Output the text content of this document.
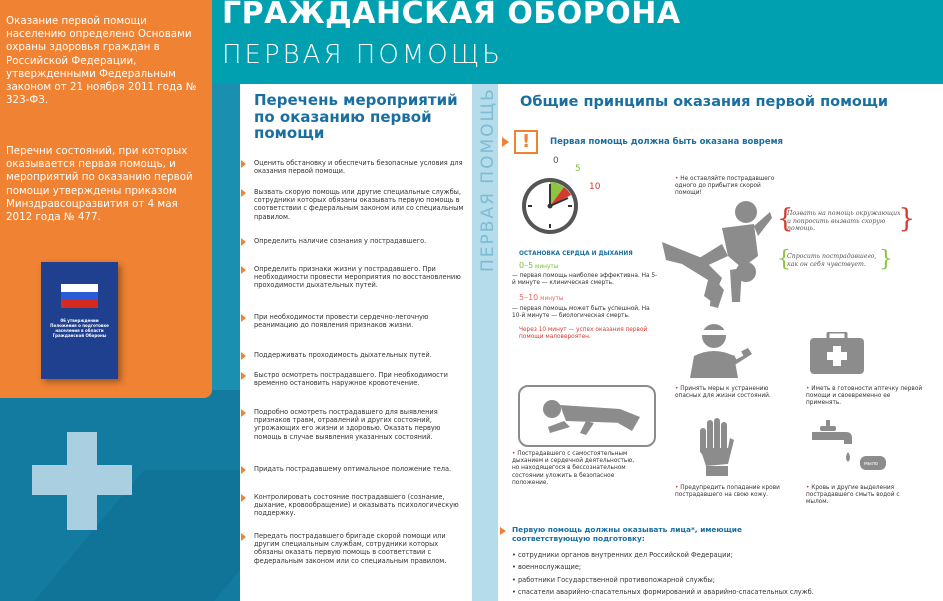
ГРАЖДАНСКАЯ ОБОРОНА
ПЕРВАЯ ПОМОЩЬ

Оказание первой помощи населению определено Основами охраны здоровья граждан в Российской Федерации, утвержденными Федеральным законом от 21 ноября 2011 года № 323-ФЗ.

Перечни состояний, при которых оказывается первая помощь, и мероприятий по оказанию первой помощи утверждены приказом Минздравсоцразвития от 4 мая 2012 года № 477.

06 утверждении Положения о подготовке населения в области Гражданской Обороны
Перечень мероприятий по оказанию первой помощи
Оценить обстановку и обеспечить безопасные условия для оказания первой помощи.
Вызвать скорую помощь или другие специальные службы, сотрудники которых обязаны оказывать первую помощь в соответствии с федеральным законом или со специальным правилом.
Определить наличие сознания у пострадавшего.
Определить признаки жизни у пострадавшего. При необходимости провести мероприятия по восстановлению проходимости дыхательных путей.
При необходимости провести сердечно-легочную реанимацию до появления признаков жизни.
Поддерживать проходимость дыхательных путей.
Быстро осмотреть пострадавшего. При необходимости временно остановить наружное кровотечение.
Подробно осмотреть пострадавшего для выявления признаков травм, отравлений и других состояний, угрожающих его жизни и здоровью. Оказать первую помощь в случае выявления указанных состояний.
Придать пострадавшему оптимальное положение тела.
Контролировать состояние пострадавшего (сознание, дыхание, кровообращение) и оказывать психологическую поддержку.
Передать пострадавшего бригаде скорой помощи или другим специальным службам, сотрудники которых обязаны оказать первую помощь в соответствии с федеральным законом или со специальным правилом.
Общие принципы оказания первой помощи
! Первая помощь должна быть оказана вовремя
0
5
10
ОСТАНОВКА СЕРДЦА И ДЫХАНИЯ
0–5 минуты
— первая помощь наиболее эффективна. На 5-й минуте — клиническая смерть.
5–10 минуты
— первая помощь может быть успешной. На 10-й минуте — биологическая смерть.
Через 10 минут — успех оказания первой помощи маловероятен.
• Не оставляйте пострадавшего одного до прибытия скорой помощи!
{
Позвать на помощь окружающих и попросить вызвать скорую помощь.	}
{
Спросить пострадавшего, как он себя чувствует. }
• Принять меры к устранению опасных для жизни состояний.
• Иметь в готовности аптечку первой помощи и своевременно ее применять.
• Пострадавшего с самостоятельным дыханием и сердечной деятельностью, но находящегося в бессознательном состоянии уложить в безопасное положение.
мыло
• Предупредить попадание крови пострадавшего на свою кожу.
• Кровь и другие выделения пострадавшего смыть водой с мылом.
Первую помощь должны оказывать лица*, имеющие соответствующую подготовку:
• сотрудники органов внутренних дел Российской Федерации;
• военнослужащие;
• работники Государственной противопожарной службы;
• спасатели аварийно-спасательных формирований и аварийно-спасательных служб.
